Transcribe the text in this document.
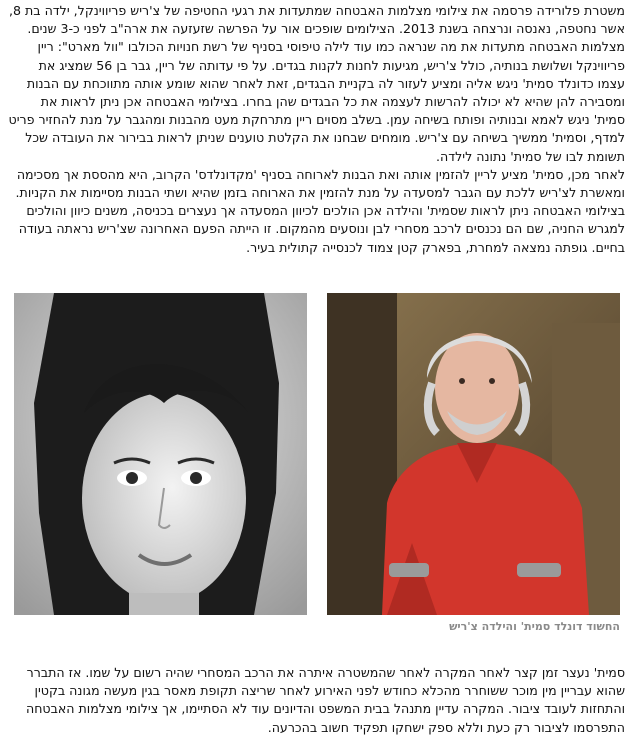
משטרת פלורידה פרסמה את צילומי מצלמות האבטחה שמתעדות את רגעי החטיפה של צ'ריש פריווינקל, ילדה בת 8, אשר נחטפה, נאנסה ונרצחה בשנת 2013. הצילומים שופכים אור על הפרשה שזעזעה את ארה"ב לפני כ-3 שנים.

מצלמות האבטחה מתעדות את מה שנראה כמו עוד לילה טיפוסי בסניף של רשת חנויות הכולבו "וול מארט": ריין פריווינקל ושלושת בנותיה, כולל צ'ריש, מגיעות לחנות לקנות בגדים. על פי עדותה של ריין, גבר בן 56 שמציג את עצמו כדונלד סמית' ניגש אליה ומציע לעזור לה בקניית הבגדים, זאת לאחר שהוא שומע אותה מתווכחת עם הבנות ומסבירה להן שהיא לא יכולה להרשות לעצמה את כל הבגדים שהן בחרו. בצילומי האבטחה אכן ניתן לראות את סמית' ניגש לאמא ובנותיה ופותח בשיחה עמן. בשלב מסוים ריין מתרחקת מעט מהבנות ומהגבר על מנת להחזיר פריט למדף, וסמית' ממשיך בשיחה עם צ'ריש. מומחים שבחנו את הקלטת טוענים שניתן לראות בבירור את העובדה שכל תשומת לבו של סמית' נתונה לילדה.

לאחר מכן, סמית' מציע לריין להזמין אותה ואת הבנות לארוחה בסניף 'מקדונלדס' הקרוב, היא מהססת אך מסכימה ומאשרת לצ'ריש ללכת עם הגבר למסעדה על מנת להזמין את הארוחה בזמן שהיא ושתי הבנות מסיימות את הקניות. בצילומי האבטחה ניתן לראות שסמית' והילדה אכן הולכים לכיוון המסעדה אך נעצרים בכניסה, משנים כיוון והולכים למגרש החניה, שם הם נכנסים לרכב מסחרי לבן ונוסעים מהמקום. זו הייתה הפעם האחרונה שצ'ריש נראתה בעודה בחיים. גופתה נמצאה למחרת, בפארק קטן צמוד לכנסייה קתולית בעיר.

החשוד דונלד סמית' והילדה צ'ריש

סמית' נעצר זמן קצר לאחר המקרה לאחר שהמשטרה איתרה את הרכב המסחרי שהיה רשום על שמו. אז התברר שהוא עבריין מין מוכר ששוחרר מהכלא כחודש לפני האירוע לאחר שריצה תקופת מאסר בגין מעשה מגונה בקטין והתחזות לעובד ציבור. המקרה עדיין מתנהל בבית המשפט והדיונים עוד לא הסתיימו, אך צילומי מצלמות האבטחה התפרסמו לציבור רק כעת וללא ספק ישחקו תפקיד חשוב בהכרעה.
